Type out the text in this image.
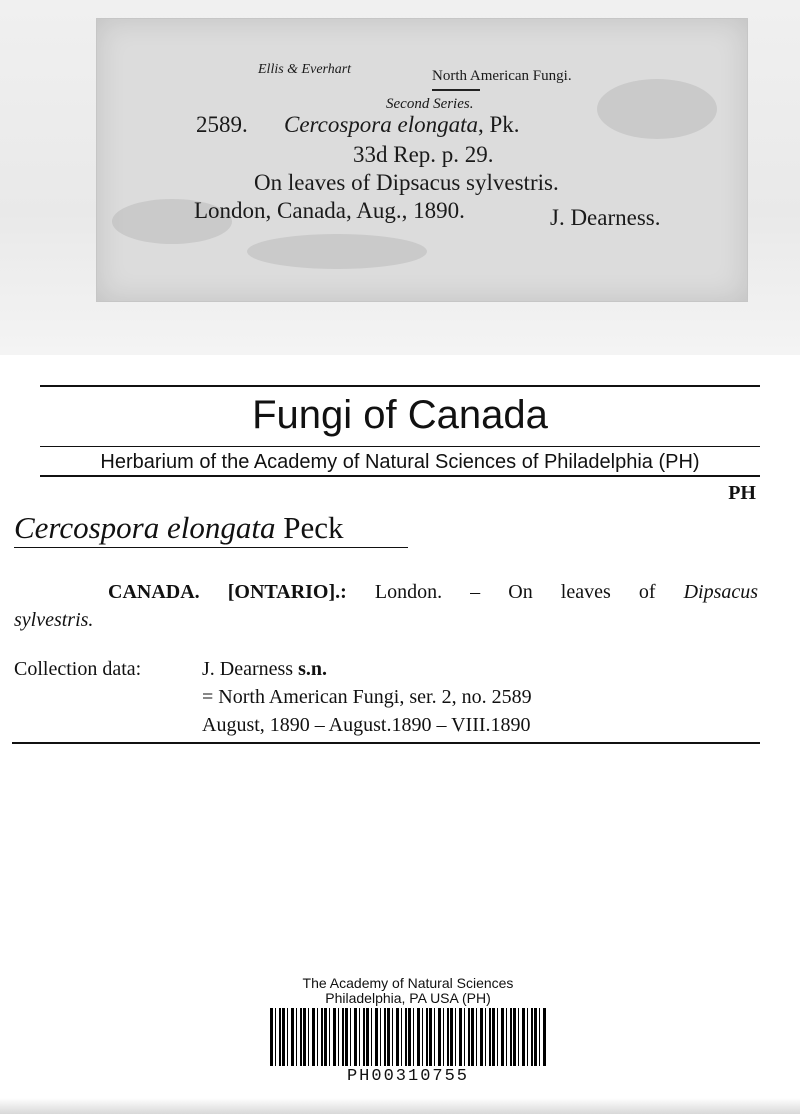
Ellis & Everhart	North American Fungi.
Second Series.
2589. Cercospora elongata, Pk.
33d Rep. p. 29.
On leaves of Dipsacus sylvestris.
London, Canada, Aug., 1890.	J. Dearness.
Fungi of Canada
Herbarium of the Academy of Natural Sciences of Philadelphia (PH)
PH
Cercospora elongata Peck
CANADA. [ONTARIO].: London. – On leaves of Dipsacus
sylvestris.
Collection data:	J. Dearness s.n.
= North American Fungi, ser. 2, no. 2589
August, 1890 – August.1890 – VIII.1890
The Academy of Natural Sciences
Philadelphia, PA USA (PH)
PH00310755
